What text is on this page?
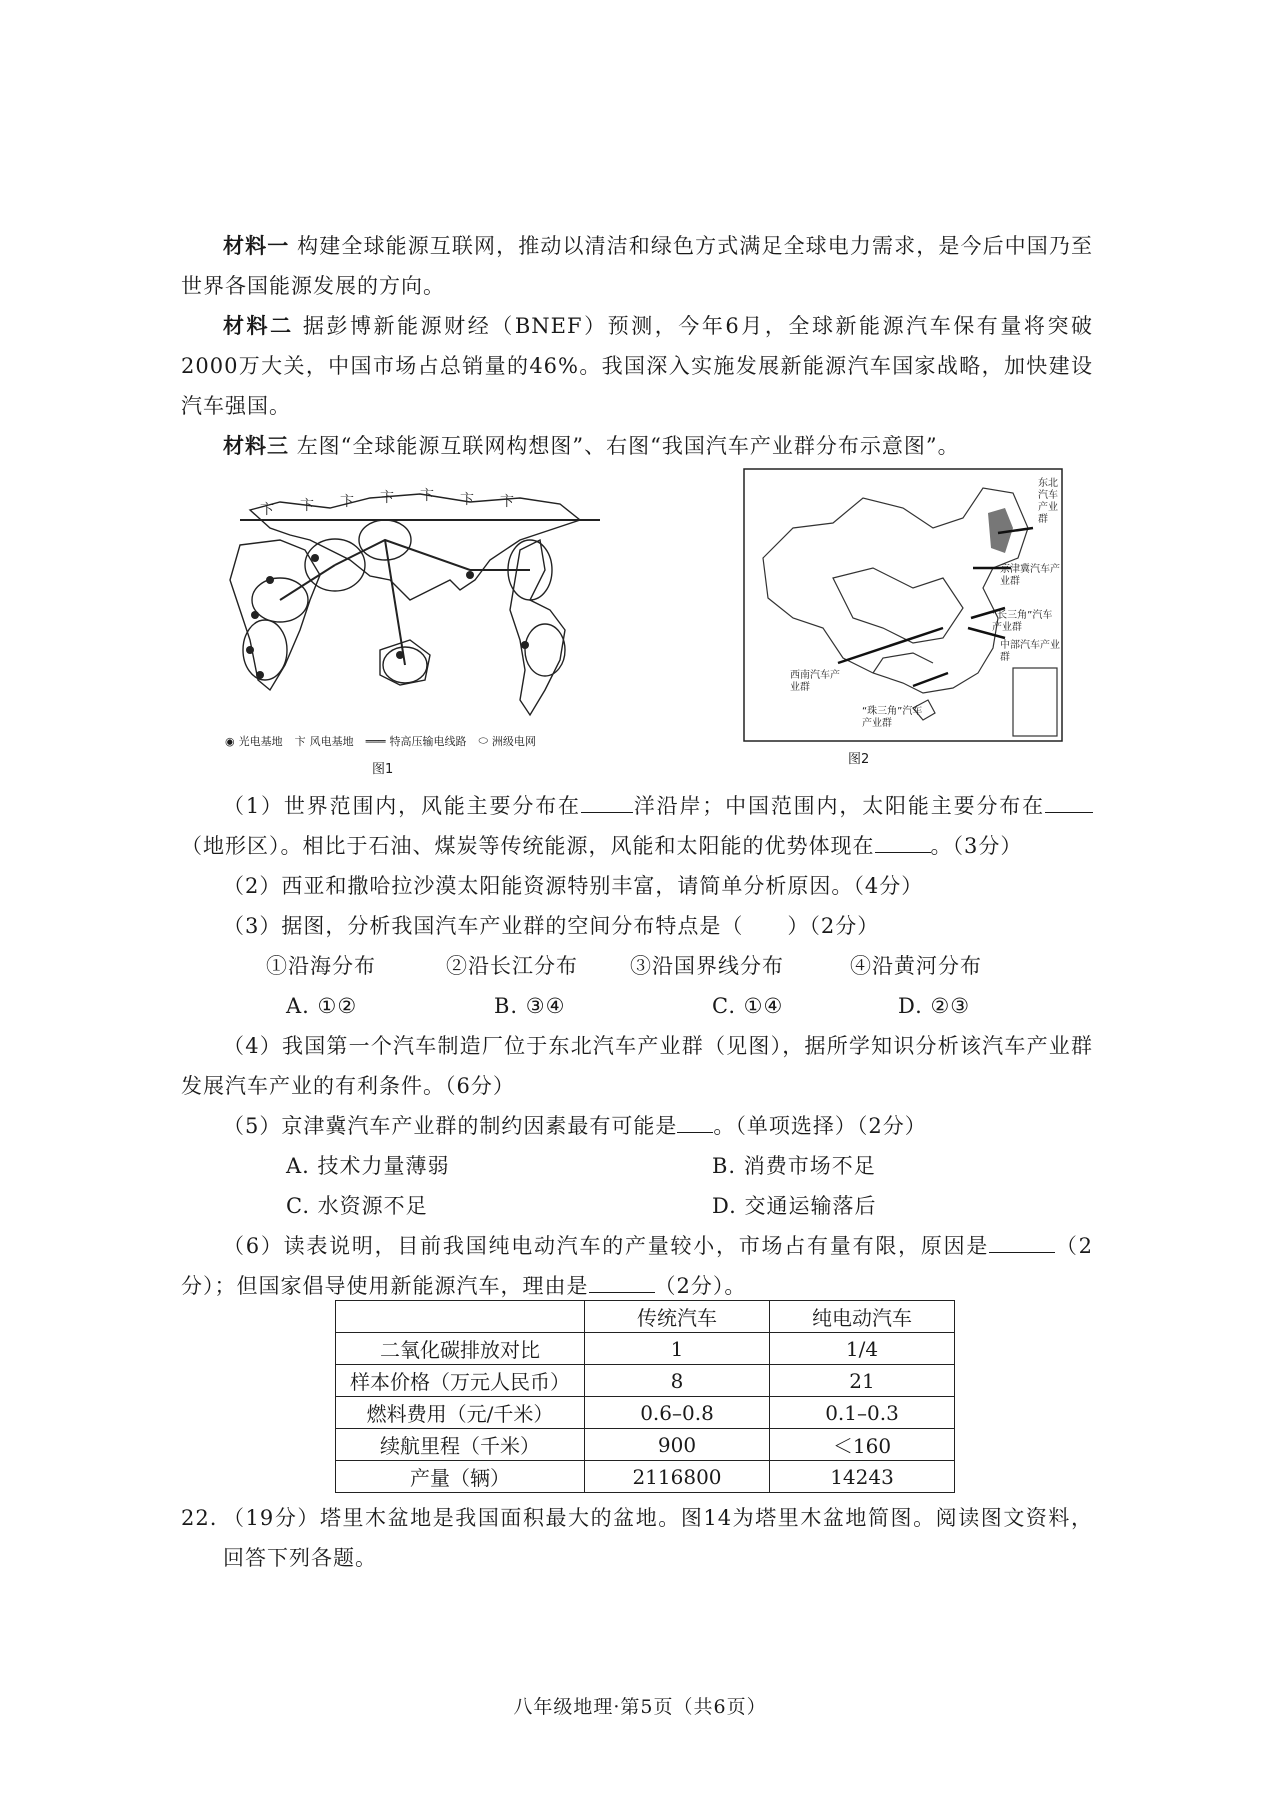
材料一 构建全球能源互联网，推动以清洁和绿色方式满足全球电力需求，是今后中国乃至世界各国能源发展的方向。
材料二 据彭博新能源财经（BNEF）预测，今年6月，全球新能源汽车保有量将突破2000万大关，中国市场占总销量的46%。我国深入实施发展新能源汽车国家战略，加快建设汽车强国。
材料三 左图“全球能源互联网构想图”、右图“我国汽车产业群分布示意图”。
卞 卞 卞 卞 卞 卞 卞
◉ 光电基地 卞 风电基地 ═══ 特高压输电线路 ⬭ 洲级电网
图1
东北汽车产业群
京津冀汽车产业群
“长三角”汽车产业群
中部汽车产业群
西南汽车产业群
“珠三角”汽车产业群
图2
（1）世界范围内，风能主要分布在 洋沿岸；中国范围内，太阳能主要分布在（地形区）。相比于石油、煤炭等传统能源，风能和太阳能的优势体现在	。（3分）
（2）西亚和撒哈拉沙漠太阳能资源特别丰富，请简单分析原因。（4分）
（3）据图，分析我国汽车产业群的空间分布特点是（　　）（2分）
①沿海分布	②沿长江分布 ③沿国界线分布	④沿黄河分布
A. ①②	B. ③④	C. ①④	D. ②③
（4）我国第一个汽车制造厂位于东北汽车产业群（见图），据所学知识分析该汽车产业群发展汽车产业的有利条件。（6分）
（5）京津冀汽车产业群的制约因素最有可能是 。（单项选择）（2分）
A. 技术力量薄弱	B. 消费市场不足
C. 水资源不足	D. 交通运输落后
（6）读表说明，目前我国纯电动汽车的产量较小，市场占有量有限，原因是	（2分）；但国家倡导使用新能源汽车，理由是	（2分）。
	传统汽车	纯电动汽车
二氧化碳排放对比	1	1/4
样本价格（万元人民币）	8	21
燃料费用（元/千米）	0.6–0.8	0.1–0.3
续航里程（千米）	900	＜160
产量（辆）	2116800	14243
22. （19分）塔里木盆地是我国面积最大的盆地。图14为塔里木盆地简图。阅读图文资料，回答下列各题。
八年级地理·第5页（共6页）
